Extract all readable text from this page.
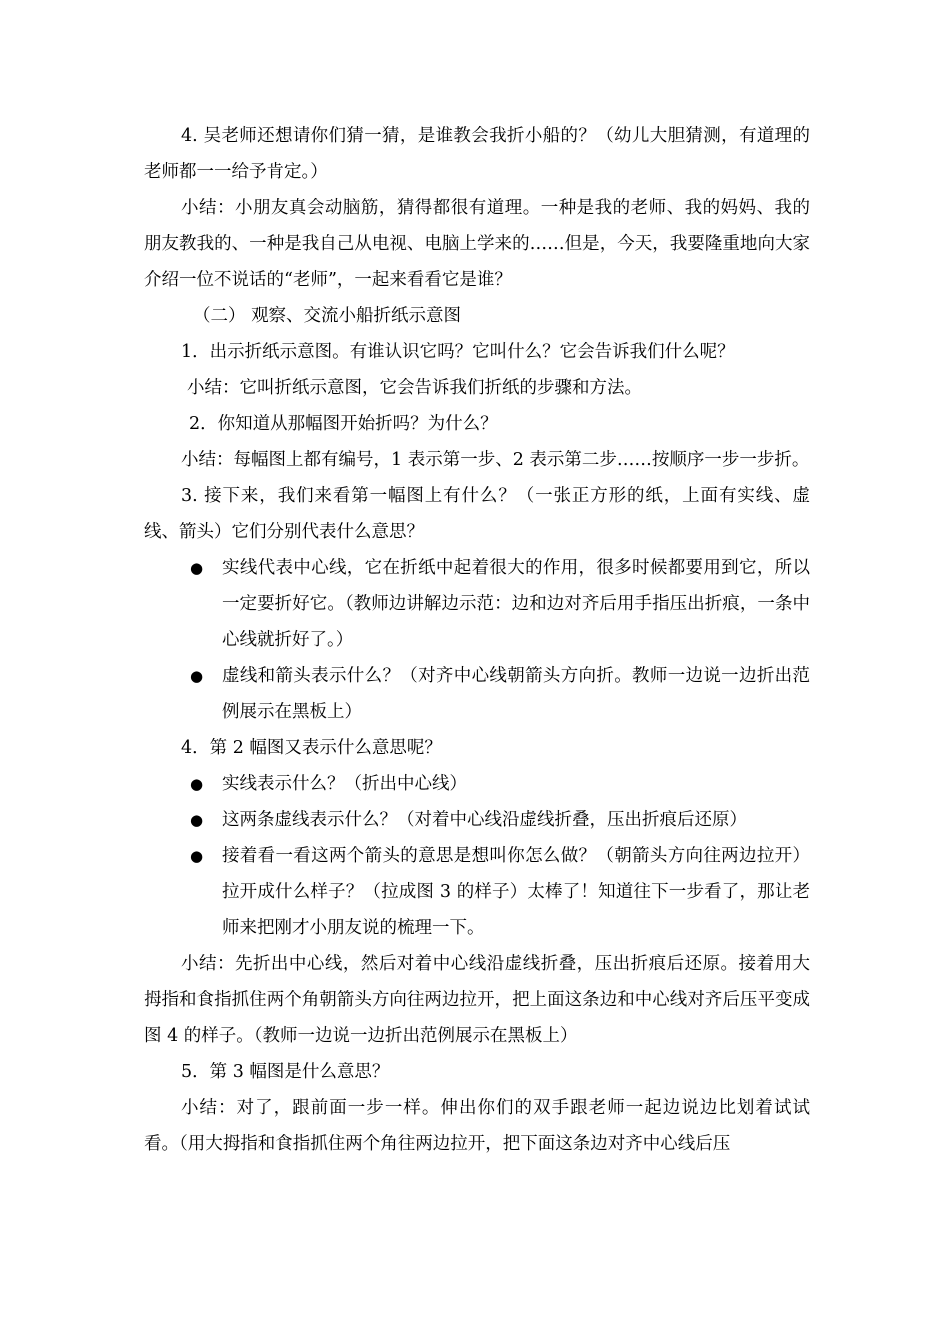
4. 吴老师还想请你们猜一猜，是谁教会我折小船的？（幼儿大胆猜测，有道理的老师都一一给予肯定。）

小结：小朋友真会动脑筋，猜得都很有道理。一种是我的老师、我的妈妈、我的朋友教我的、一种是我自己从电视、电脑上学来的……但是，今天，我要隆重地向大家介绍一位不说话的“老师”，一起来看看它是谁？

（二） 观察、交流小船折纸示意图

1．出示折纸示意图。有谁认识它吗？它叫什么？它会告诉我们什么呢？

小结：它叫折纸示意图，它会告诉我们折纸的步骤和方法。

2．你知道从那幅图开始折吗？为什么？

小结：每幅图上都有编号，1 表示第一步、2 表示第二步……按顺序一步一步折。

3. 接下来，我们来看第一幅图上有什么？（一张正方形的纸，上面有实线、虚线、箭头）它们分别代表什么意思？

● 实线代表中心线，它在折纸中起着很大的作用，很多时候都要用到它，所以一定要折好它。（教师边讲解边示范：边和边对齐后用手指压出折痕，一条中心线就折好了。）
● 虚线和箭头表示什么？（对齐中心线朝箭头方向折。教师一边说一边折出范例展示在黑板上）

4．第 2 幅图又表示什么意思呢？

● 实线表示什么？（折出中心线）
● 这两条虚线表示什么？（对着中心线沿虚线折叠，压出折痕后还原）
● 接着看一看这两个箭头的意思是想叫你怎么做？（朝箭头方向往两边拉开）拉开成什么样子？（拉成图 3 的样子）太棒了！知道往下一步看了，那让老师来把刚才小朋友说的梳理一下。

小结：先折出中心线，然后对着中心线沿虚线折叠，压出折痕后还原。接着用大拇指和食指抓住两个角朝箭头方向往两边拉开，把上面这条边和中心线对齐后压平变成图 4 的样子。（教师一边说一边折出范例展示在黑板上）

5．第 3 幅图是什么意思？

小结：对了，跟前面一步一样。伸出你们的双手跟老师一起边说边比划着试试看。（用大拇指和食指抓住两个角往两边拉开，把下面这条边对齐中心线后压
